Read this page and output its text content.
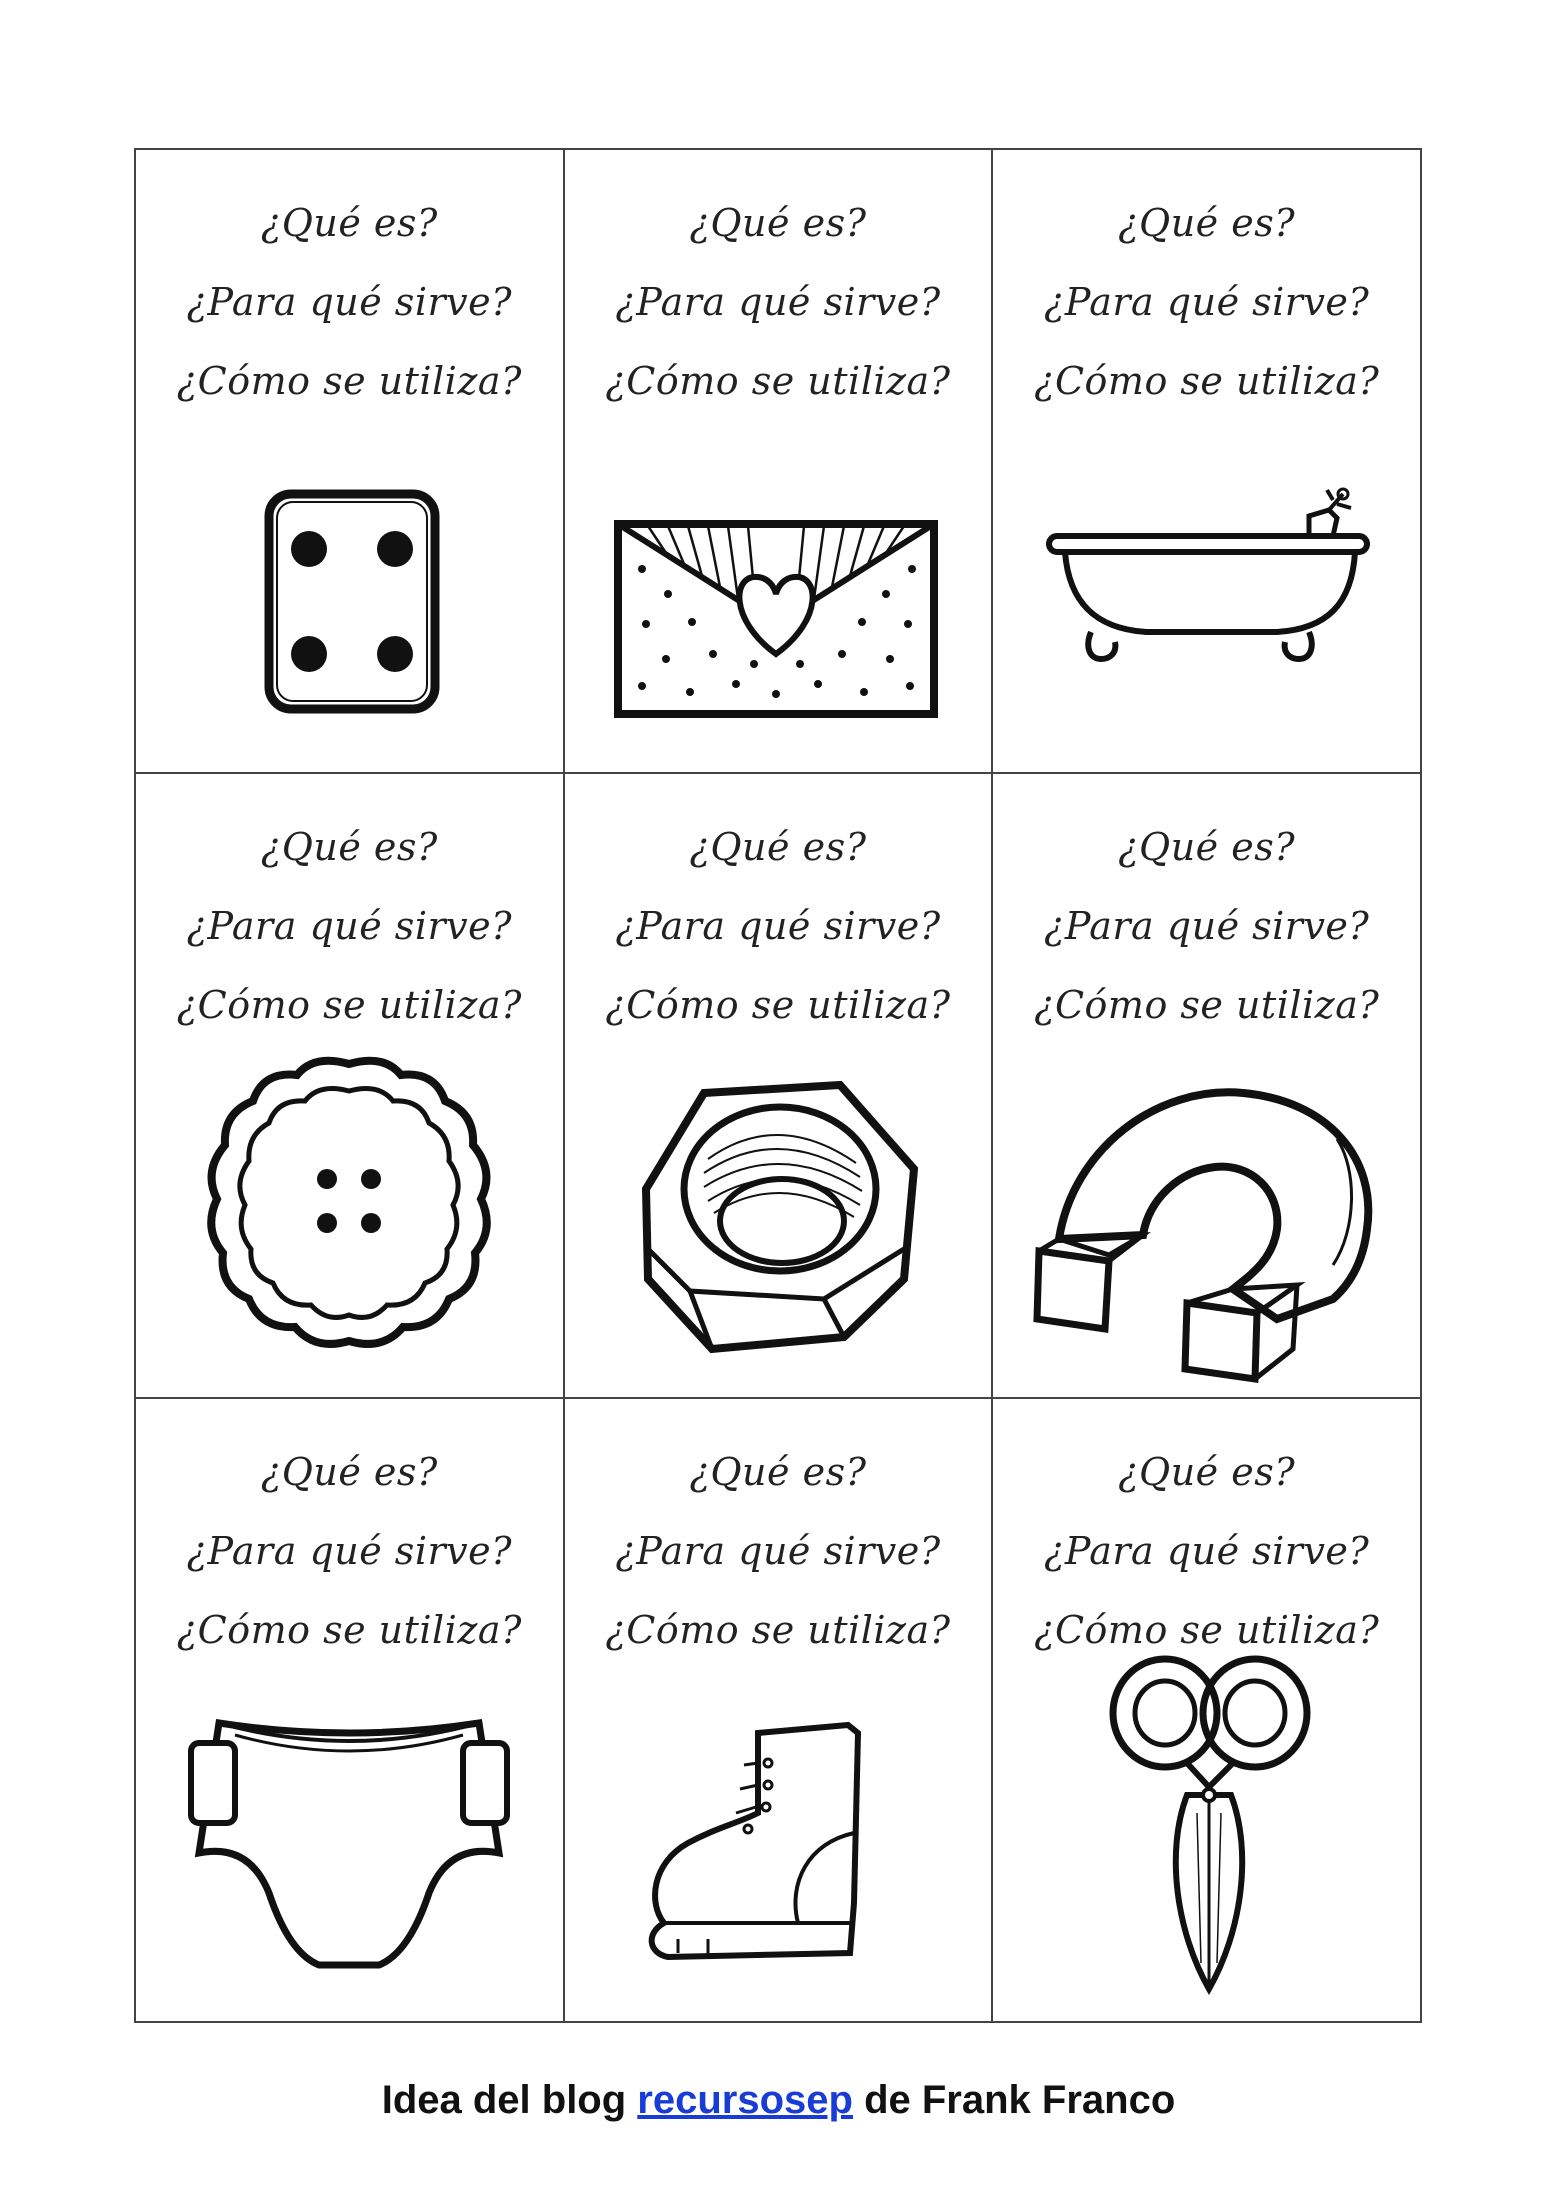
¿Qué es?
¿Para qué sirve?
¿Cómo se utiliza?
¿Qué es?
¿Para qué sirve?
¿Cómo se utiliza?
¿Qué es?
¿Para qué sirve?
¿Cómo se utiliza?
¿Qué es?
¿Para qué sirve?
¿Cómo se utiliza?
¿Qué es?
¿Para qué sirve?
¿Cómo se utiliza?
¿Qué es?
¿Para qué sirve?
¿Cómo se utiliza?
¿Qué es?
¿Para qué sirve?
¿Cómo se utiliza?
¿Qué es?
¿Para qué sirve?
¿Cómo se utiliza?
¿Qué es?
¿Para qué sirve?
¿Cómo se utiliza?
Idea del blog recursosep de Frank Franco
